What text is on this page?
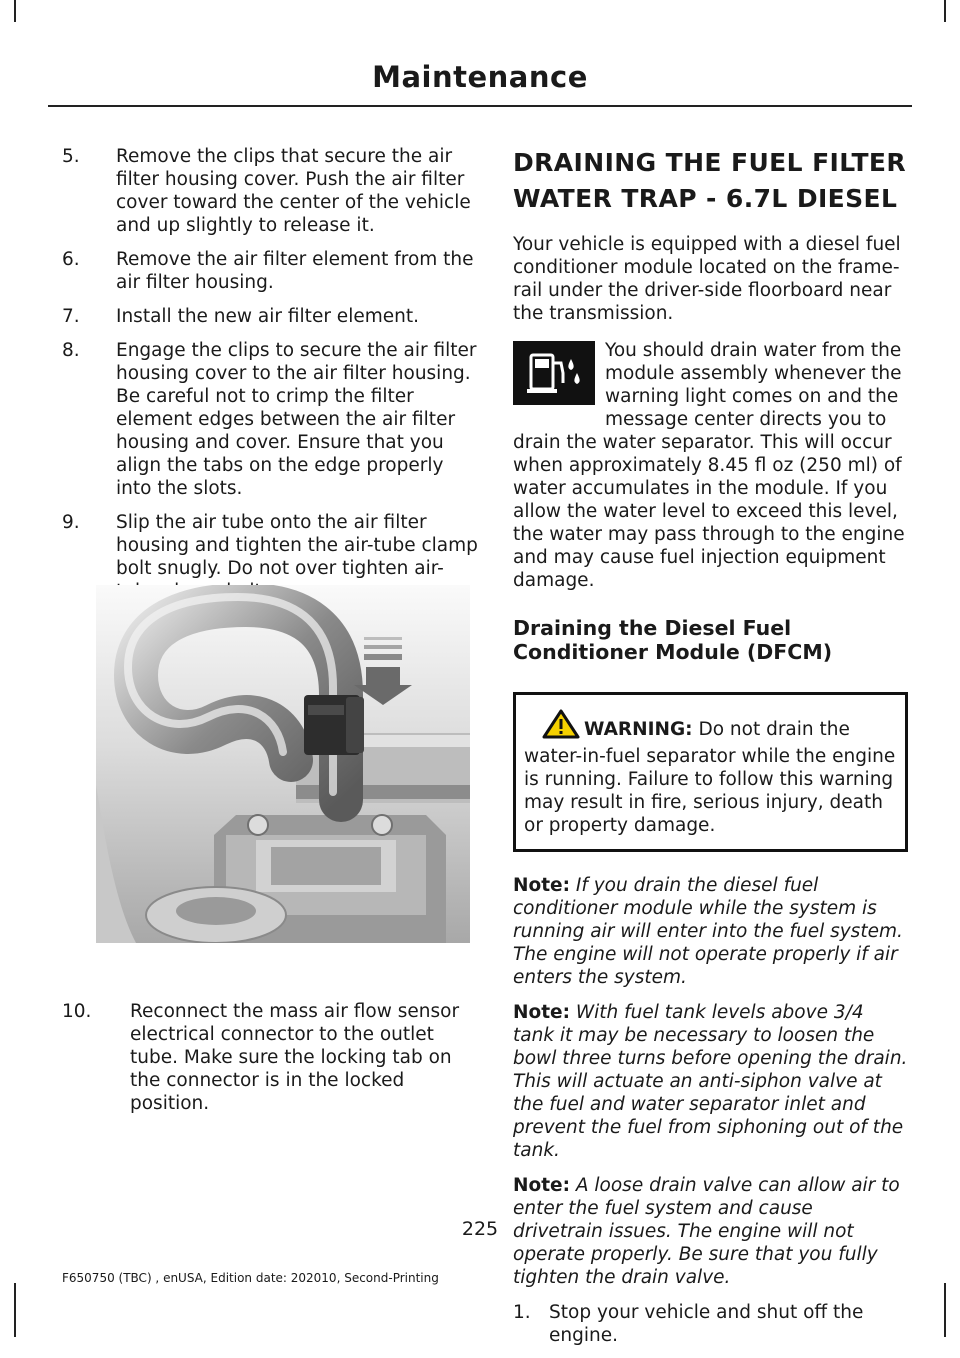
Maintenance
5.	Remove the clips that secure the air filter housing cover. Push the air filter cover toward the center of the vehicle and up slightly to release it.
6.	Remove the air filter element from the air filter housing.
7.	Install the new air filter element.
8.	Engage the clips to secure the air filter housing cover to the air filter housing. Be careful not to crimp the filter element edges between the air filter housing and cover. Ensure that you align the tabs on the edge properly into the slots.
9.	Slip the air tube onto the air filter housing and tighten the air-tube clamp bolt snugly. Do not over tighten air-
10.	Reconnect the mass air flow sensor electrical connector to the outlet tube. Make sure the locking tab on the connector is in the locked position.
DRAINING THE FUEL FILTER
WATER TRAP - 6.7L DIESEL

Your vehicle is equipped with a diesel fuel conditioner module located on the frame-rail under the driver-side floorboard near the transmission.

You should drain water from the module assembly whenever the warning light comes on and the message center directs you to drain the water separator. This will occur when approximately 8.45 fl oz (250 ml) of water accumulates in the module. If you allow the water level to exceed this level, the water may pass through to the engine and may cause fuel injection equipment damage.
Draining the Diesel Fuel
Conditioner Module (DFCM)
WARNING: Do not drain the water-in-fuel separator while the engine is running. Failure to follow this warning may result in fire, serious injury, death or property damage.

Note: If you drain the diesel fuel conditioner module while the system is running air will enter into the fuel system. The engine will not operate properly if air enters the system.

Note: With fuel tank levels above 3/4 tank it may be necessary to loosen the bowl three turns before opening the drain. This will actuate an anti-siphon valve at the fuel and water separator inlet and prevent the fuel from siphoning out of the tank.

Note: A loose drain valve can allow air to enter the fuel system and cause drivetrain issues. The engine will not operate properly. Be sure that you fully tighten the drain valve.

1. Stop your vehicle and shut off the engine.
225
F650750 (TBC) , enUSA, Edition date: 202010, Second-Printing
